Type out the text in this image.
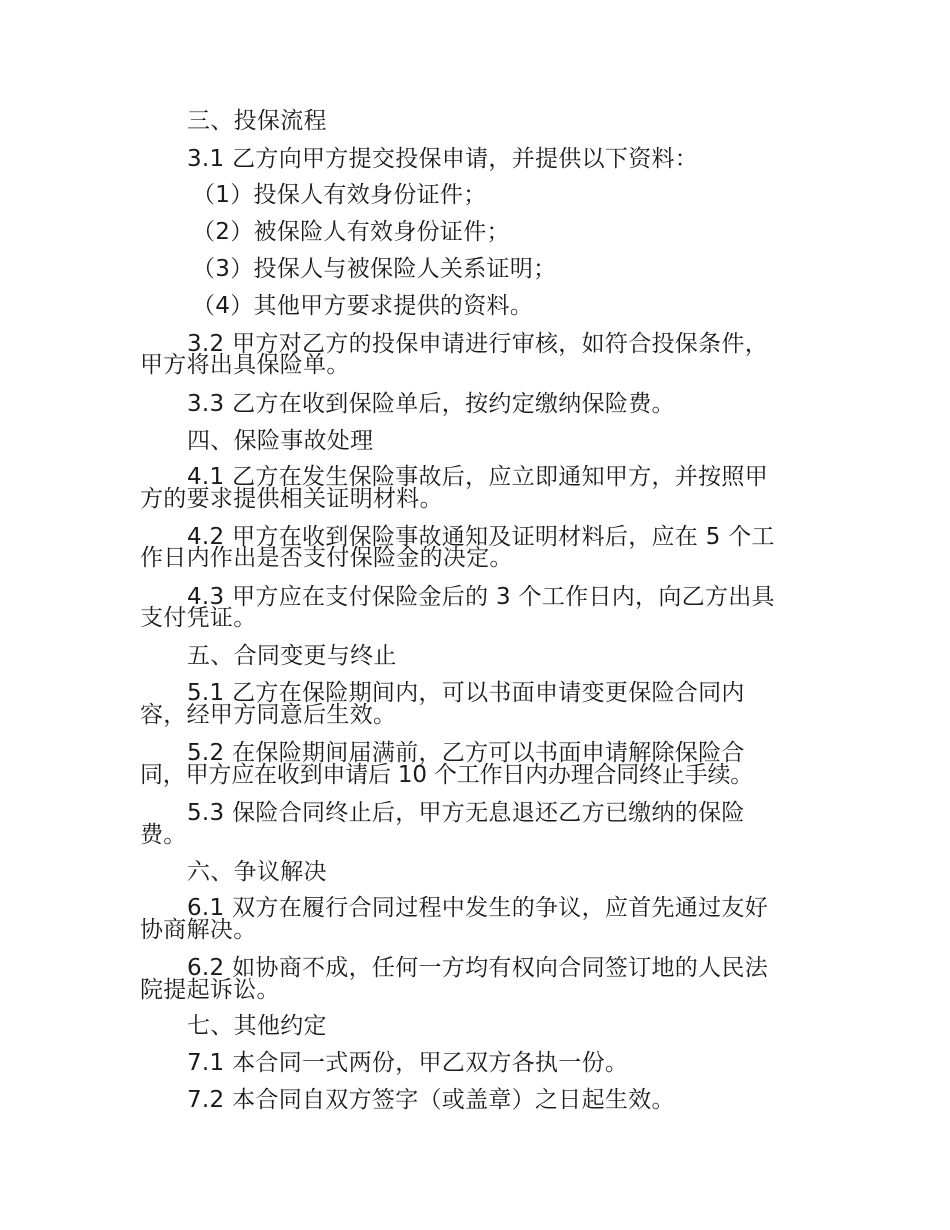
三、投保流程

3.1 乙方向甲方提交投保申请，并提供以下资料：

（1）投保人有效身份证件；

（2）被保险人有效身份证件；

（3）投保人与被保险人关系证明；

（4）其他甲方要求提供的资料。

3.2 甲方对乙方的投保申请进行审核，如符合投保条件，

甲方将出具保险单。

3.3 乙方在收到保险单后，按约定缴纳保险费。

四、保险事故处理

4.1 乙方在发生保险事故后，应立即通知甲方，并按照甲

方的要求提供相关证明材料。

4.2 甲方在收到保险事故通知及证明材料后，应在 5 个工

作日内作出是否支付保险金的决定。

4.3 甲方应在支付保险金后的 3 个工作日内，向乙方出具

支付凭证。

五、合同变更与终止

5.1 乙方在保险期间内，可以书面申请变更保险合同内

容，经甲方同意后生效。

5.2 在保险期间届满前，乙方可以书面申请解除保险合

同，甲方应在收到申请后 10 个工作日内办理合同终止手续。

5.3 保险合同终止后，甲方无息退还乙方已缴纳的保险

费。

六、争议解决

6.1 双方在履行合同过程中发生的争议，应首先通过友好

协商解决。

6.2 如协商不成，任何一方均有权向合同签订地的人民法

院提起诉讼。

七、其他约定

7.1 本合同一式两份，甲乙双方各执一份。

7.2 本合同自双方签字（或盖章）之日起生效。
